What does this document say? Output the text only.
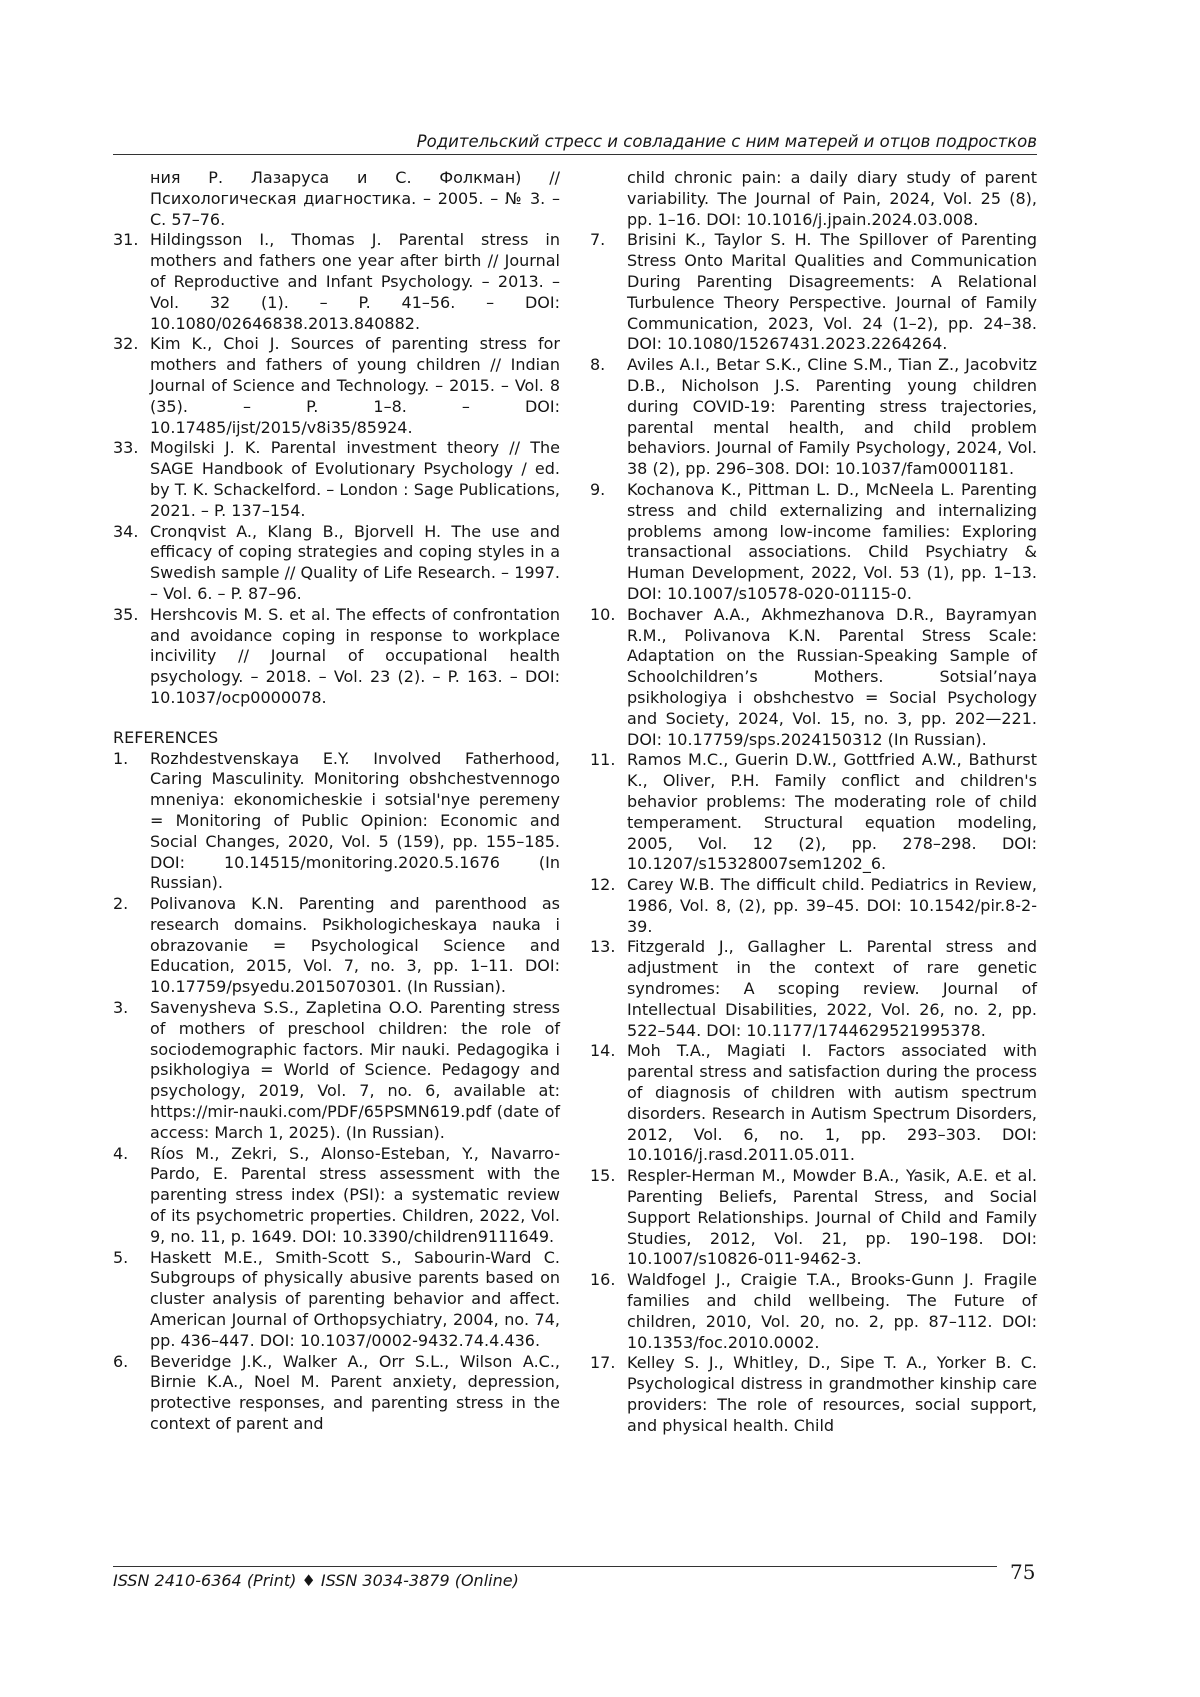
Родительский стресс и совладание с ним матерей и отцов подростков
ния Р. Лазаруса и С. Фолкман) // Психологическая диагностика. – 2005. – № 3. – С. 57–76.
31. Hildingsson I., Thomas J. Parental stress in mothers and fathers one year after birth // Journal of Reproductive and Infant Psychology. – 2013. – Vol. 32 (1). – P. 41–56. – DOI: 10.1080/02646838.2013.840882.
32. Kim K., Choi J. Sources of parenting stress for mothers and fathers of young children // Indian Journal of Science and Technology. – 2015. – Vol. 8 (35). – P. 1–8. – DOI: 10.17485/ijst/2015/v8i35/85924.
33. Mogilski J. K. Parental investment theory // The SAGE Handbook of Evolutionary Psychology / ed. by T. K. Schackelford. – London : Sage Publications, 2021. – P. 137–154.
34. Cronqvist A., Klang B., Bjorvell H. The use and efficacy of coping strategies and coping styles in a Swedish sample // Quality of Life Research. – 1997. – Vol. 6. – P. 87–96.
35. Hershcovis M. S. et al. The effects of confrontation and avoidance coping in response to workplace incivility // Journal of occupational health psychology. – 2018. – Vol. 23 (2). – P. 163. – DOI: 10.1037/ocp0000078.
REFERENCES
1.	Rozhdestvenskaya E.Y. Involved Fatherhood, Caring Masculinity. Monitoring obshchestvennogo mneniya: ekonomicheskie i sotsial'nye peremeny = Monitoring of Public Opinion: Economic and Social Changes, 2020, Vol. 5 (159), pp. 155–185. DOI: 10.14515/monitoring.2020.5.1676 (In Russian).
2.	Polivanova K.N. Parenting and parenthood as research domains. Psikhologicheskaya nauka i obrazovanie = Psychological Science and Education, 2015, Vol. 7, no. 3, pp. 1–11. DOI: 10.17759/psyedu.2015070301. (In Russian).
3.	Savenysheva S.S., Zapletina O.O. Parenting stress of mothers of preschool children: the role of sociodemographic factors. Mir nauki. Pedagogika i psikhologiya = World of Science. Pedagogy and psychology, 2019, Vol. 7, no. 6, available at: https://mir-nauki.com/PDF/65PSMN619.pdf (date of access: March 1, 2025). (In Russian).
4.	Ríos M., Zekri, S., Alonso-Esteban, Y., Navarro-Pardo, E. Parental stress assessment with the parenting stress index (PSI): a systematic review of its psychometric properties. Children, 2022, Vol. 9, no. 11, p. 1649. DOI: 10.3390/children9111649.
5.	Haskett M.E., Smith-Scott S., Sabourin-Ward C. Subgroups of physically abusive parents based on cluster analysis of parenting behavior and affect. American Journal of Orthopsychiatry, 2004, no. 74, pp. 436–447. DOI: 10.1037/0002-9432.74.4.436.
6.	Beveridge J.K., Walker A., Orr S.L., Wilson A.C., Birnie K.A., Noel M. Parent anxiety, depression, protective responses, and parenting stress in the context of parent and
child chronic pain: a daily diary study of parent variability. The Journal of Pain, 2024, Vol. 25 (8), pp. 1–16. DOI: 10.1016/j.jpain.2024.03.008.
7.	Brisini K., Taylor S. H. The Spillover of Parenting Stress Onto Marital Qualities and Communication During Parenting Disagreements: A Relational Turbulence Theory Perspective. Journal of Family Communication, 2023, Vol. 24 (1–2), pp. 24–38. DOI: 10.1080/15267431.2023.2264264.
8.	Aviles A.I., Betar S.K., Cline S.M., Tian Z., Jacobvitz D.B., Nicholson J.S. Parenting young children during COVID-19: Parenting stress trajectories, parental mental health, and child problem behaviors. Journal of Family Psychology, 2024, Vol. 38 (2), pp. 296–308. DOI: 10.1037/fam0001181.
9.	Kochanova K., Pittman L. D., McNeela L. Parenting stress and child externalizing and internalizing problems among low-income families: Exploring transactional associations. Child Psychiatry & Human Development, 2022, Vol. 53 (1), pp. 1–13. DOI: 10.1007/s10578-020-01115-0.
10. Bochaver A.A., Akhmezhanova D.R., Bayramyan R.M., Polivanova K.N. Parental Stress Scale: Adaptation on the Russian-Speaking Sample of Schoolchildren’s Mothers. Sotsial’naya psikhologiya i obshchestvo = Social Psychology and Society, 2024, Vol. 15, no. 3, pp. 202—221. DOI: 10.17759/sps.2024150312 (In Russian).
11. Ramos M.C., Guerin D.W., Gottfried A.W., Bathurst K., Oliver, P.H. Family conflict and children's behavior problems: The moderating role of child temperament. Structural equation modeling, 2005, Vol. 12 (2), pp. 278–298. DOI: 10.1207/s15328007sem1202_6.
12. Carey W.B. The difficult child. Pediatrics in Review, 1986, Vol. 8, (2), pp. 39–45. DOI: 10.1542/pir.8-2-39.
13. Fitzgerald J., Gallagher L. Parental stress and adjustment in the context of rare genetic syndromes: A scoping review. Journal of Intellectual Disabilities, 2022, Vol. 26, no. 2, pp. 522–544. DOI: 10.1177/17446295219953​78.
14. Moh T.A., Magiati I. Factors associated with parental stress and satisfaction during the process of diagnosis of children with autism spectrum disorders. Research in Autism Spectrum Disorders, 2012, Vol. 6, no. 1, pp. 293–303. DOI: 10.1016/j.rasd.2011.05.011.
15. Respler-Herman M., Mowder B.A., Yasik, A.E. et al. Parenting Beliefs, Parental Stress, and Social Support Relationships. Journal of Child and Family Studies, 2012, Vol. 21, pp. 190–198. DOI: 10.1007/s10826-011-9462-3.
16. Waldfogel J., Craigie T.A., Brooks-Gunn J. Fragile families and child wellbeing. The Future of children, 2010, Vol. 20, no. 2, pp. 87–112. DOI: 10.1353/foc.2010.0002.
17. Kelley S. J., Whitley, D., Sipe T. A., Yorker B. C. Psychological distress in grandmother kinship care providers: The role of resources, social support, and physical health. Child
ISSN 2410-6364 (Print) ♦ ISSN 3034-3879 (Online)	75
